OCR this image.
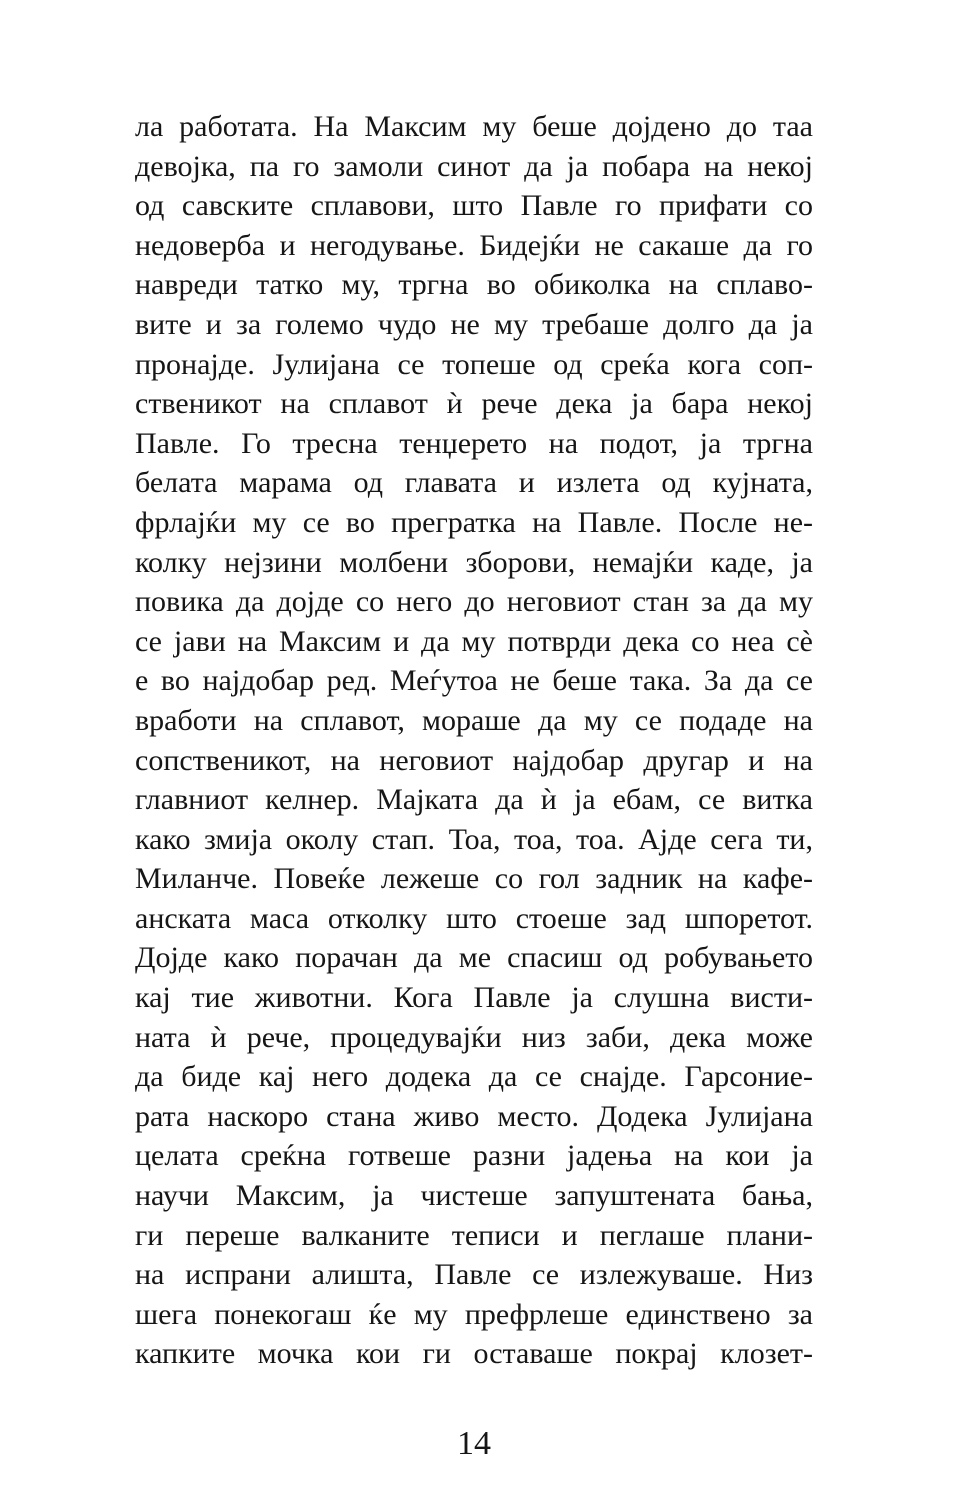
ла работата. На Максим му беше дојдено до таа
девојка, па го замоли синот да ја побара на некој
од савските сплавови, што Павле го прифати со
недоверба и негодување. Бидејќи не сакаше да го
навреди татко му, тргна во обиколка на сплаво-
вите и за големо чудо не му требаше долго да ја
пронајде. Јулијана се топеше од среќа кога соп-
ственикот на сплавот ѝ рече дека ја бара некој
Павле. Го тресна тенџерето на подот, ја тргна
белата марама од главата и излета од кујната,
фрлајќи му се во прегратка на Павле. После не-
колку нејзини молбени зборови, немајќи каде, ја
повика да дојде со него до неговиот стан за да му
се јави на Максим и да му потврди дека со неа сѐ
е во најдобар ред. Меѓутоа не беше така. За да се
вработи на сплавот, мораше да му се подаде на
сопственикот, на неговиот најдобар другар и на
главниот келнер. Мајката да ѝ ја ебам, се витка
како змија околу стап. Тоа, тоа, тоа. Ајде сега ти,
Миланче. Повеќе лежеше со гол задник на кафе-
анската маса отколку што стоеше зад шпоретот.
Дојде како порачан да ме спасиш од робувањето
кај тие животни. Кога Павле ја слушна висти-
ната ѝ рече, процедувајќи низ заби, дека може
да биде кај него додека да се снајде. Гарсоние-
рата наскоро стана живо место. Додека Јулијана
целата среќна готвеше разни јадења на кои ја
научи Максим, ја чистеше запуштената бања,
ги переше валканите теписи и пеглаше плани-
на испрани алишта, Павле се излежуваше. Низ
шега понекогаш ќе му префрлеше единствено за
капките мочка кои ги оставаше покрај клозет-
14
